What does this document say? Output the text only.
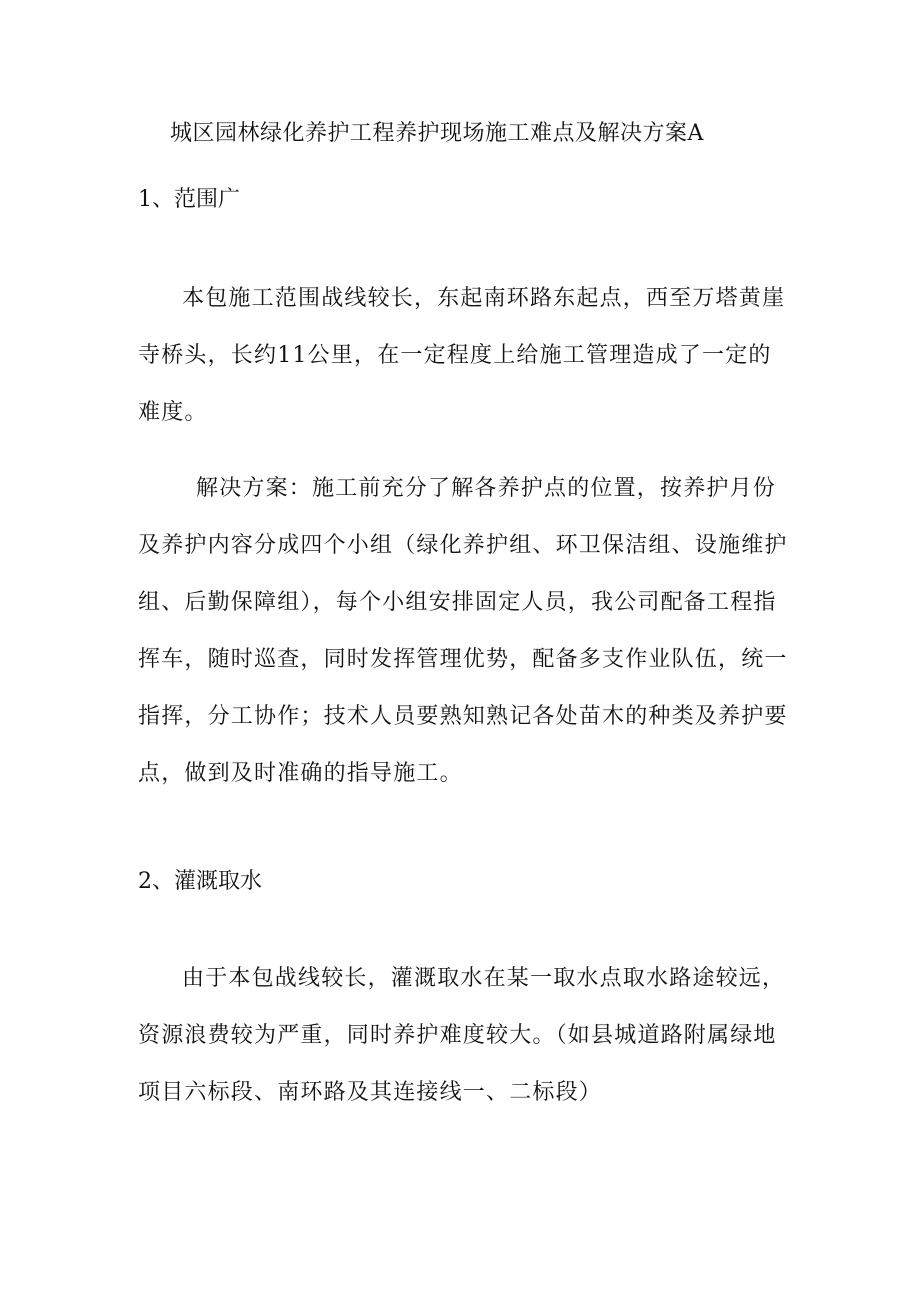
城区园林绿化养护工程养护现场施工难点及解决方案A
1、范围广
本包施工范围战线较长，东起南环路东起点，西至万塔黄崖
寺桥头，长约11公里，在一定程度上给施工管理造成了一定的
难度。
解决方案：施工前充分了解各养护点的位置，按养护月份
及养护内容分成四个小组（绿化养护组、环卫保洁组、设施维护
组、后勤保障组），每个小组安排固定人员，我公司配备工程指
挥车，随时巡查，同时发挥管理优势，配备多支作业队伍，统一
指挥，分工协作；技术人员要熟知熟记各处苗木的种类及养护要
点，做到及时准确的指导施工。
2、灌溉取水
由于本包战线较长，灌溉取水在某一取水点取水路途较远，
资源浪费较为严重，同时养护难度较大。（如县城道路附属绿地
项目六标段、南环路及其连接线一、二标段）
